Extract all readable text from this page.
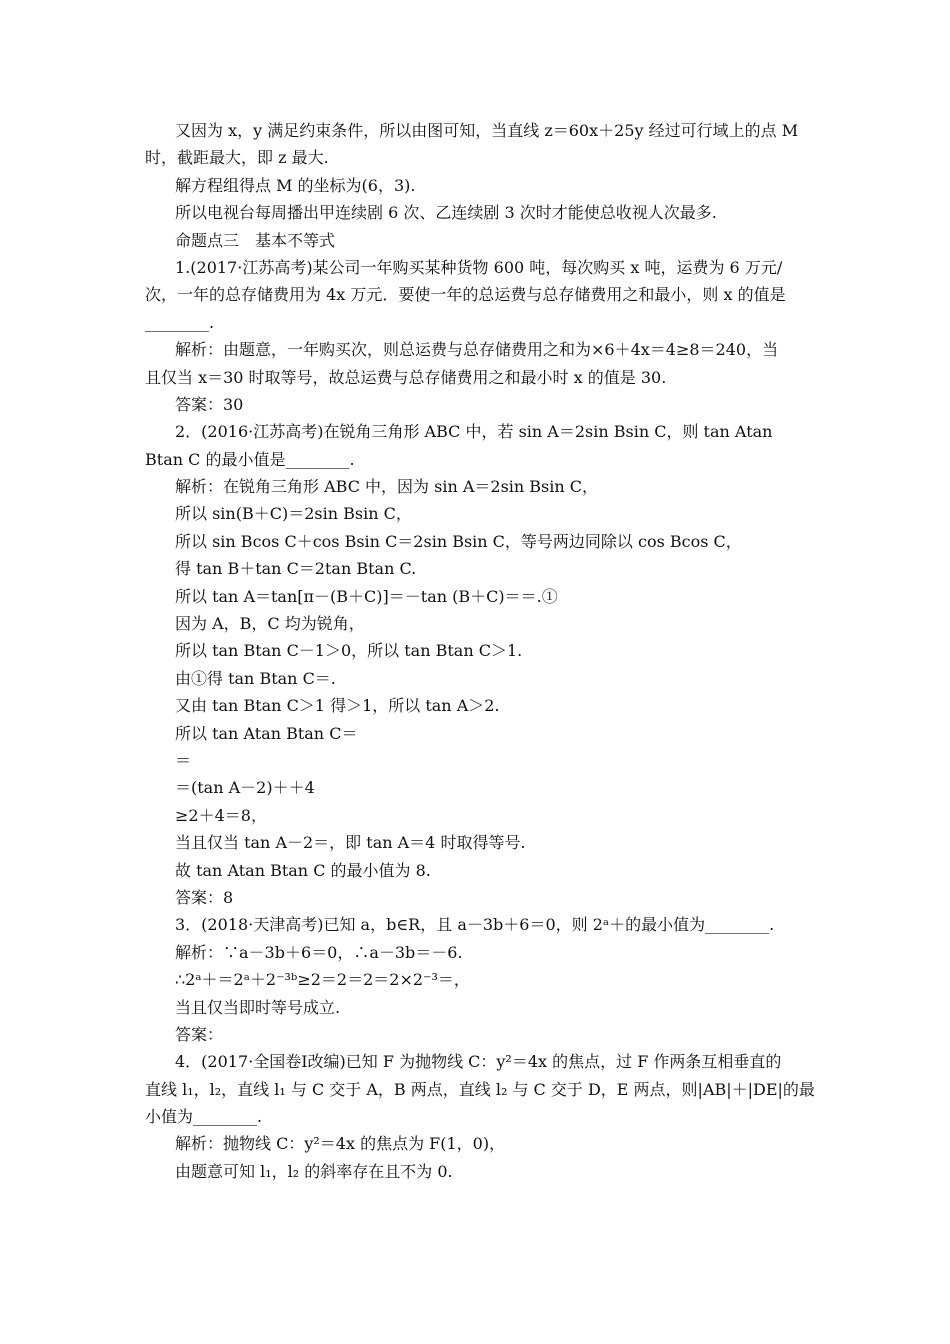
又因为 x，y 满足约束条件，所以由图可知，当直线 z＝60x＋25y 经过可行域上的点 M
时，截距最大，即 z 最大.
解方程组得点 M 的坐标为(6，3).
所以电视台每周播出甲连续剧 6 次、乙连续剧 3 次时才能使总收视人次最多.
命题点三　基本不等式
1.(2017·江苏高考)某公司一年购买某种货物 600 吨，每次购买 x 吨，运费为 6 万元/
次，一年的总存储费用为 4x 万元．要使一年的总运费与总存储费用之和最小，则 x 的值是
________.
解析：由题意，一年购买次，则总运费与总存储费用之和为×6＋4x＝4≥8＝240，当
且仅当 x＝30 时取等号，故总运费与总存储费用之和最小时 x 的值是 30.
答案：30
2．(2016·江苏高考)在锐角三角形 ABC 中，若 sin A＝2sin Bsin C，则 tan Atan
Btan C 的最小值是________.
解析：在锐角三角形 ABC 中，因为 sin A＝2sin Bsin C，
所以 sin(B＋C)＝2sin Bsin C，
所以 sin Bcos C＋cos Bsin C＝2sin Bsin C，等号两边同除以 cos Bcos C，
得 tan B＋tan C＝2tan Btan C.
所以 tan A＝tan[π－(B＋C)]＝－tan (B＋C)＝＝.①
因为 A，B，C 均为锐角，
所以 tan Btan C－1＞0，所以 tan Btan C＞1.
由①得 tan Btan C＝.
又由 tan Btan C＞1 得＞1，所以 tan A＞2.
所以 tan Atan Btan C＝
＝
＝(tan A－2)＋＋4
≥2＋4＝8，
当且仅当 tan A－2＝，即 tan A＝4 时取得等号.
故 tan Atan Btan C 的最小值为 8.
答案：8
3．(2018·天津高考)已知 a，b∈R，且 a－3b＋6＝0，则 2ᵃ＋的最小值为________.
解析：∵a－3b＋6＝0，∴a－3b＝－6.
∴2ᵃ＋＝2ᵃ＋2⁻³ᵇ≥2＝2＝2＝2×2⁻³＝，
当且仅当即时等号成立.
答案：
4．(2017·全国卷Ⅰ改编)已知 F 为抛物线 C：y²＝4x 的焦点，过 F 作两条互相垂直的
直线 l₁，l₂，直线 l₁ 与 C 交于 A，B 两点，直线 l₂ 与 C 交于 D，E 两点，则|AB|＋|DE|的最
小值为________.
解析：抛物线 C：y²＝4x 的焦点为 F(1，0)，
由题意可知 l₁，l₂ 的斜率存在且不为 0.
